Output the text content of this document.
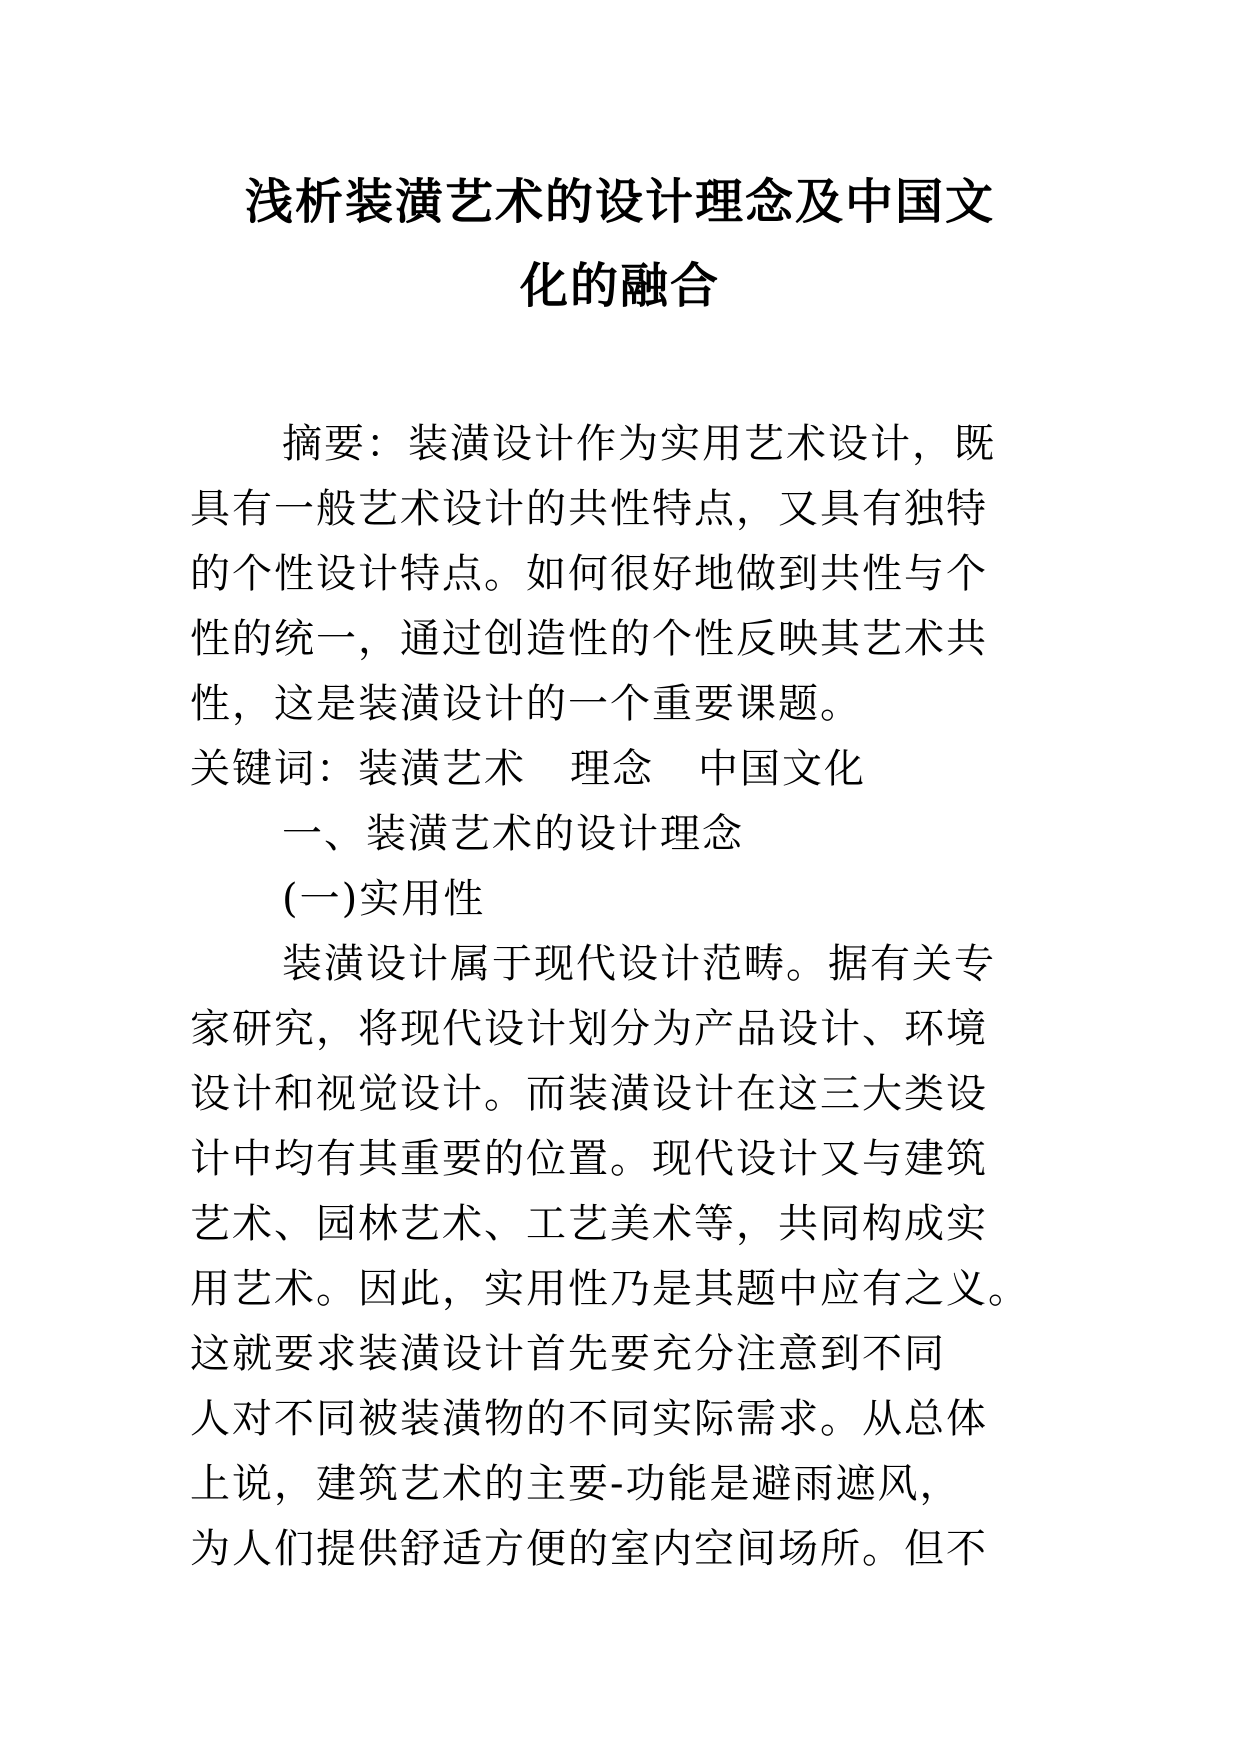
浅析装潢艺术的设计理念及中国文
化的融合
摘要：装潢设计作为实用艺术设计，既
具有一般艺术设计的共性特点，又具有独特
的个性设计特点。如何很好地做到共性与个
性的统一，通过创造性的个性反映其艺术共
性，这是装潢设计的一个重要课题。
关键词：装潢艺术 理念 中国文化
一、装潢艺术的设计理念
(一)实用性
装潢设计属于现代设计范畴。据有关专
家研究，将现代设计划分为产品设计、环境
设计和视觉设计。而装潢设计在这三大类设
计中均有其重要的位置。现代设计又与建筑
艺术、园林艺术、工艺美术等，共同构成实
用艺术。因此，实用性乃是其题中应有之义。
这就要求装潢设计首先要充分注意到不同
人对不同被装潢物的不同实际需求。从总体
上说，建筑艺术的主要-功能是避雨遮风，
为人们提供舒适方便的室内空间场所。但不
